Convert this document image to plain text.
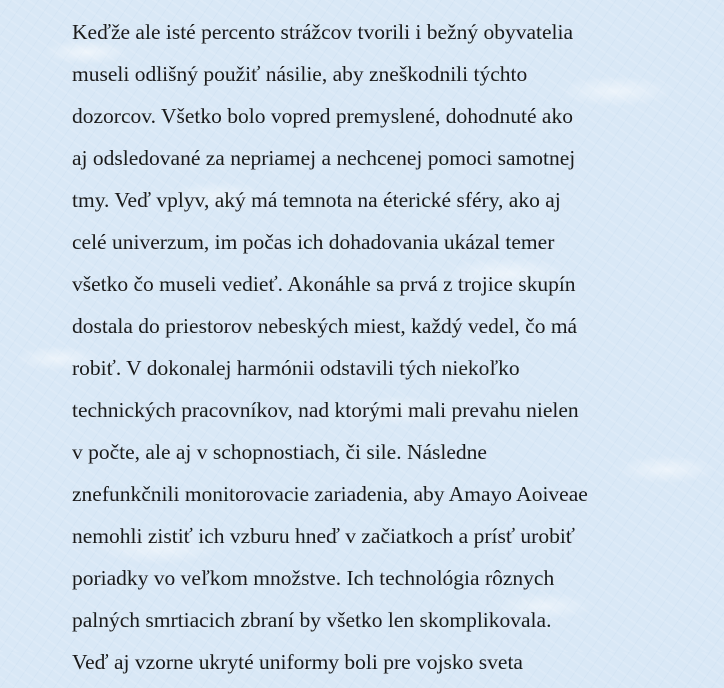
Keďže ale isté percento strážcov tvorili i bežný obyvatelia
museli odlišný použiť násilie, aby zneškodnili týchto
dozorcov. Všetko bolo vopred premyslené, dohodnuté ako
aj odsledované za nepriamej a nechcenej pomoci samotnej
tmy. Veď vplyv, aký má temnota na éterické sféry, ako aj
celé univerzum, im počas ich dohadovania ukázal temer
všetko čo museli vedieť. Akonáhle sa prvá z trojice skupín
dostala do priestorov nebeských miest, každý vedel, čo má
robiť. V dokonalej harmónii odstavili tých niekoľko
technických pracovníkov, nad ktorými mali prevahu nielen
v počte, ale aj v schopnostiach, či sile. Následne
znefunkčnili monitorovacie zariadenia, aby Amayo Aoiveae
nemohli zistiť ich vzburu hneď v začiatkoch a prísť urobiť
poriadky vo veľkom množstve. Ich technológia rôznych
palných smrtiacich zbraní by všetko len skomplikovala.
Veď aj vzorne ukryté uniformy boli pre vojsko sveta
